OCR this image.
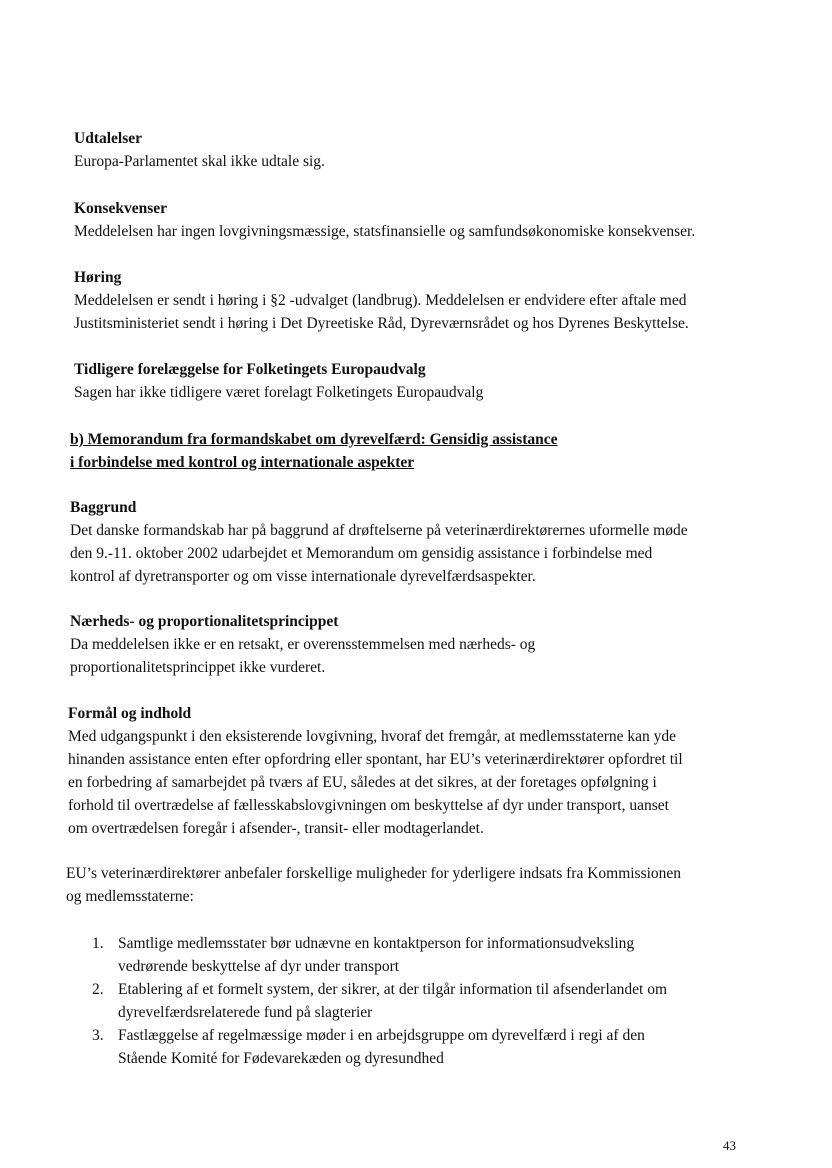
Udtalelser
Europa-Parlamentet skal ikke udtale sig.
Konsekvenser
Meddelelsen har ingen lovgivningsmæssige, statsfinansielle og samfundsøkonomiske konsekvenser.
Høring
Meddelelsen er sendt i høring i §2 -udvalget (landbrug). Meddelelsen er endvidere efter aftale med
Justitsministeriet sendt i høring i Det Dyreetiske Råd, Dyreværnsrådet og hos Dyrenes Beskyttelse.
Tidligere forelæggelse for Folketingets Europaudvalg
Sagen har ikke tidligere været forelagt Folketingets Europaudvalg
b) Memorandum fra formandskabet om dyrevelfærd: Gensidig assistance
i forbindelse med kontrol og internationale aspekter
Baggrund
Det danske formandskab har på baggrund af drøftelserne på veterinærdirektørernes uformelle møde
den 9.-11. oktober 2002 udarbejdet et Memorandum om gensidig assistance i forbindelse med
kontrol af dyretransporter og om visse internationale dyrevelfærdsaspekter.
Nærheds- og proportionalitetsprincippet
Da meddelelsen ikke er en retsakt, er overensstemmelsen med nærheds- og
proportionalitetsprincippet ikke vurderet.
Formål og indhold
Med udgangspunkt i den eksisterende lovgivning, hvoraf det fremgår, at medlemsstaterne kan yde
hinanden assistance enten efter opfordring eller spontant, har EU’s veterinærdirektører opfordret til
en forbedring af samarbejdet på tværs af EU, således at det sikres, at der foretages opfølgning i
forhold til overtrædelse af fællesskabslovgivningen om beskyttelse af dyr under transport, uanset
om overtrædelsen foregår i afsender-, transit- eller modtagerlandet.
EU’s veterinærdirektører anbefaler forskellige muligheder for yderligere indsats fra Kommissionen
og medlemsstaterne:
1. Samtlige medlemsstater bør udnævne en kontaktperson for informationsudveksling
vedrørende beskyttelse af dyr under transport
2. Etablering af et formelt system, der sikrer, at der tilgår information til afsenderlandet om
dyrevelfærdsrelaterede fund på slagterier
3. Fastlæggelse af regelmæssige møder i en arbejdsgruppe om dyrevelfærd i regi af den
Stående Komité for Fødevarekæden og dyresundhed
43
